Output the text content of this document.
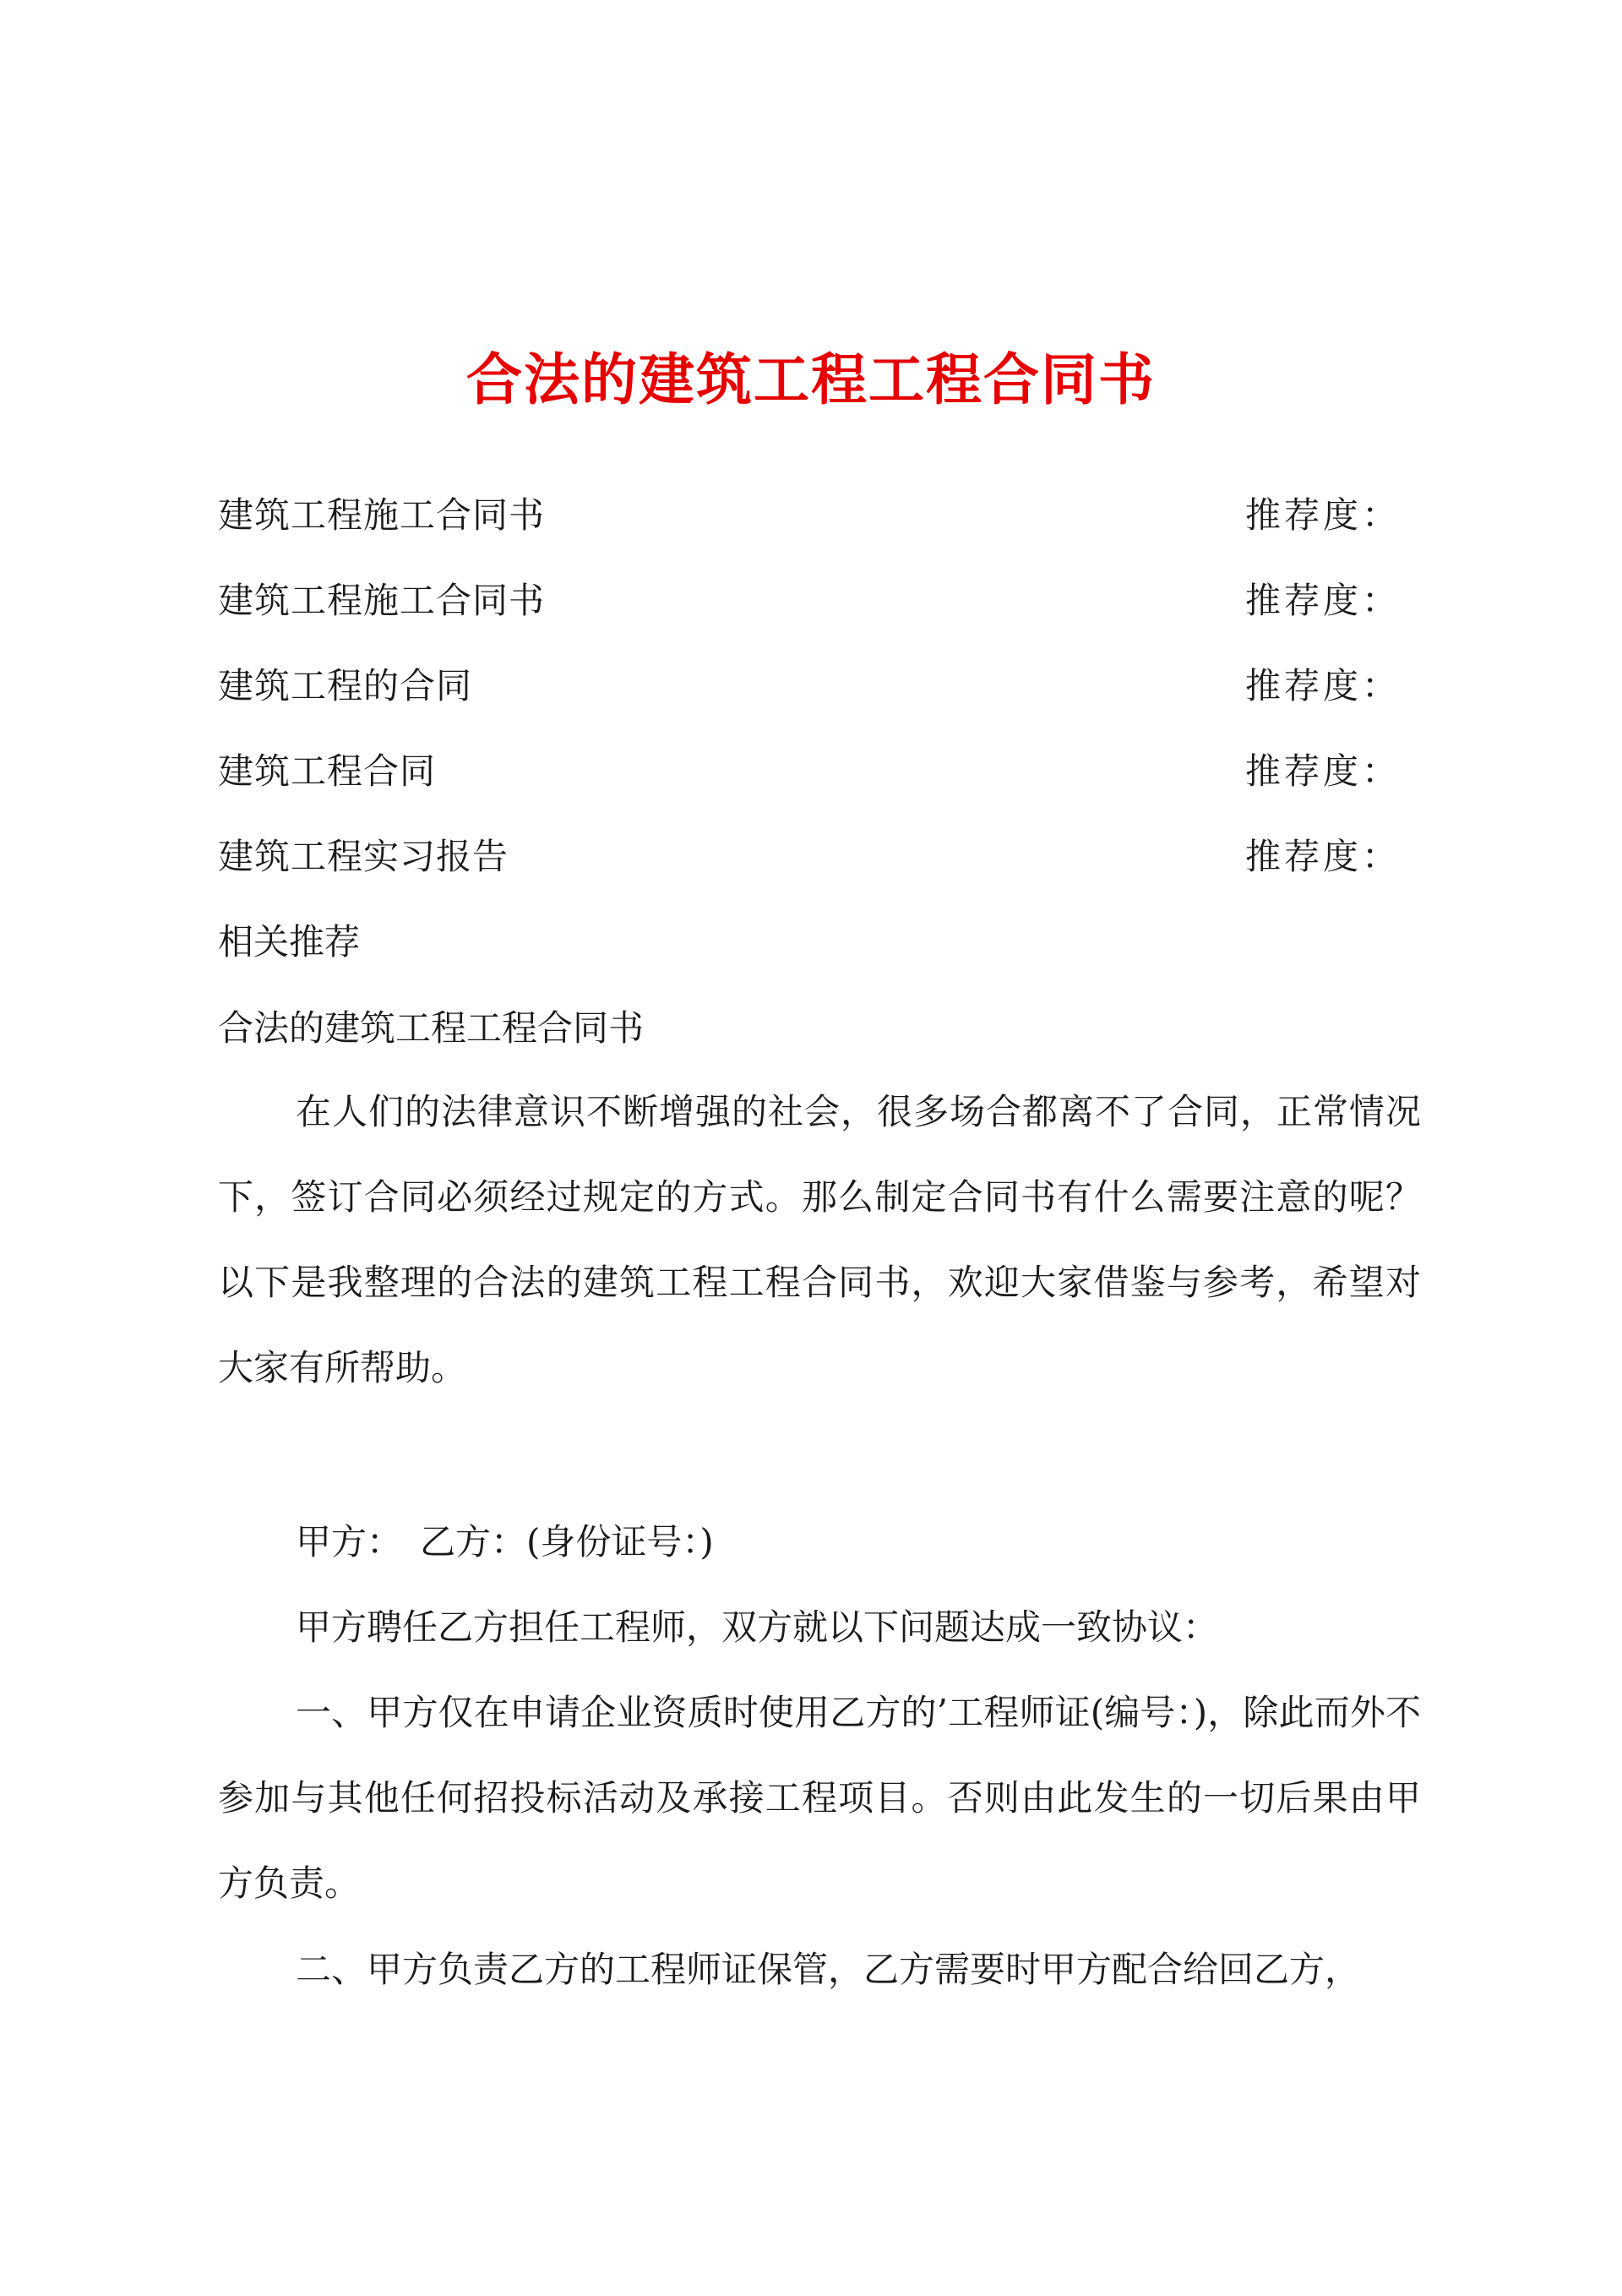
合法的建筑工程工程合同书
建筑工程施工合同书	推荐度：
建筑工程施工合同书	推荐度：
建筑工程的合同	推荐度：
建筑工程合同	推荐度：
建筑工程实习报告	推荐度：
相关推荐
合法的建筑工程工程合同书

在人们的法律意识不断增强的社会，很多场合都离不了合同，正常情况下，签订合同必须经过规定的方式。那么制定合同书有什么需要注意的呢？以下是我整理的合法的建筑工程工程合同书，欢迎大家借鉴与参考，希望对大家有所帮助。

甲方：　乙方：(身份证号：)

甲方聘任乙方担任工程师，双方就以下问题达成一致协议：

一、甲方仅在申请企业资质时使用乙方的’工程师证(编号：)，除此而外不参加与其他任何招投标活动及承接工程项目。否则由此发生的一切后果由甲方负责。

二、甲方负责乙方的工程师证保管，乙方需要时甲方配合给回乙方，
